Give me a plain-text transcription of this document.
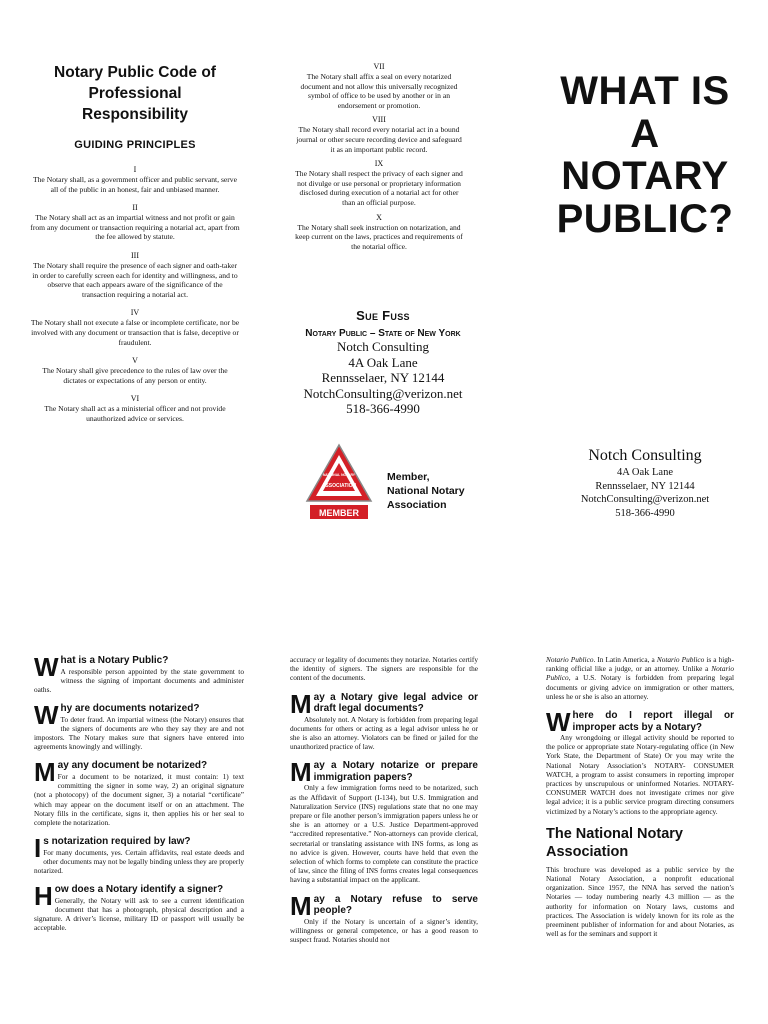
Notary Public Code of
Professional
Responsibility
GUIDING PRINCIPLES
I
The Notary shall, as a government officer and public servant, serve all of the public in an honest, fair and unbiased manner.
II
The Notary shall act as an impartial witness and not profit or gain from any document or transaction requiring a notarial act, apart from the fee allowed by statute.
III
The Notary shall require the presence of each signer and oath-taker in order to carefully screen each for identity and willingness, and to observe that each appears aware of the significance of the transaction requiring a notarial act.
IV
The Notary shall not execute a false or incomplete certificate, nor be involved with any document or transaction that is false, deceptive or fraudulent.
V
The Notary shall give precedence to the rules of law over the dictates or expectations of any person or entity.
VI
The Notary shall act as a ministerial officer and not provide unauthorized advice or services.
VII
The Notary shall affix a seal on every notarized document and not allow this universally recognized symbol of office to be used by another or in an endorsement or promotion.
VIII
The Notary shall record every notarial act in a bound journal or other secure recording device and safeguard it as an important public record.
IX
The Notary shall respect the privacy of each signer and not divulge or use personal or proprietary information disclosed during execution of a notarial act for other than an official purpose.
X
The Notary shall seek instruction on notarization, and keep current on the laws, practices and requirements of the notarial office.
Sue Fuss
Notary Public – State of New York
Notch Consulting
4A Oak Lane
Rennsselaer, NY 12144
NotchConsulting@verizon.net
518-366-4990
ASSOCIATION
NATIONAL NOTARY
MEMBER
Member,
National Notary
Association
WHAT IS
A
NOTARY
PUBLIC?
Notch Consulting
4A Oak Lane
Rennsselaer, NY 12144
NotchConsulting@verizon.net
518-366-4990
W hat is a Notary Public?
A responsible person appointed by the state government to witness the signing of important documents and administer oaths.
W hy are documents notarized?
To deter fraud. An impartial witness (the Notary) ensures that the signers of documents are who they say they are and not impostors. The Notary makes sure that signers have entered into agreements knowingly and willingly.
M ay any document be notarized?
For a document to be notarized, it must contain: 1) text committing the signer in some way, 2) an original signature (not a photocopy) of the document signer, 3) a notarial “certificate” which may appear on the document itself or on an attachment. The Notary fills in the certificate, signs it, then applies his or her seal to complete the notarization.
I s notarization required by law?
For many documents, yes. Certain affidavits, real estate deeds and other documents may not be legally binding unless they are properly notarized.
H ow does a Notary identify a signer?
Generally, the Notary will ask to see a current identification document that has a photograph, physical description and a signature. A driver’s license, military ID or passport will usually be acceptable.
accuracy or legality of documents they notarize. Notaries certify the identity of signers. The signers are responsible for the content of the documents.
M ay a Notary give legal advice or draft legal documents?
Absolutely not. A Notary is forbidden from preparing legal documents for others or acting as a legal advisor unless he or she is also an attorney. Violators can be fined or jailed for the unauthorized practice of law.
M ay a Notary notarize or prepare immigration papers?
Only a few immigration forms need to be notarized, such as the Affidavit of Support (I-134), but U.S. Immigration and Naturalization Service (INS) regulations state that no one may prepare or file another person’s immigration papers unless he or she is an attorney or a U.S. Justice Department-approved “accredited representative.” Non-attorneys can provide clerical, secretarial or translating assistance with INS forms, as long as no advice is given. However, courts have held that even the selection of which forms to complete can constitute the practice of law, since the filing of INS forms creates legal consequences having a substantial impact on the applicant.
M ay a Notary refuse to serve people?
Only if the Notary is uncertain of a signer’s identity, willingness or general competence, or has a good reason to suspect fraud. Notaries should not
Notario Publico. In Latin America, a Notario Publico is a high-ranking official like a judge, or an attorney. Unlike a Notario Publico, a U.S. Notary is forbidden from preparing legal documents or giving advice on immigration or other matters, unless he or she is also an attorney.
W here do I report illegal or improper acts by a Notary?
Any wrongdoing or illegal activity should be reported to the police or appropriate state Notary-regulating office (in New York State, the Department of State) Or you may write the National Notary Association’s NOTARY- CONSUMER WATCH, a program to assist consumers in reporting improper practices by unscrupulous or uninformed Notaries. NOTARY-CONSUMER WATCH does not investigate crimes nor give legal advice; it is a public service program directing consumers victimized by a Notary’s actions to the appropriate agency.
The National Notary
Association
This brochure was developed as a public service by the National Notary Association, a nonprofit educational organization. Since 1957, the NNA has served the nation’s Notaries — today numbering nearly 4.3 million — as the authority for information on Notary laws, customs and practices. The Association is widely known for its role as the preeminent publisher of information for and about Notaries, as well as for the seminars and support it
